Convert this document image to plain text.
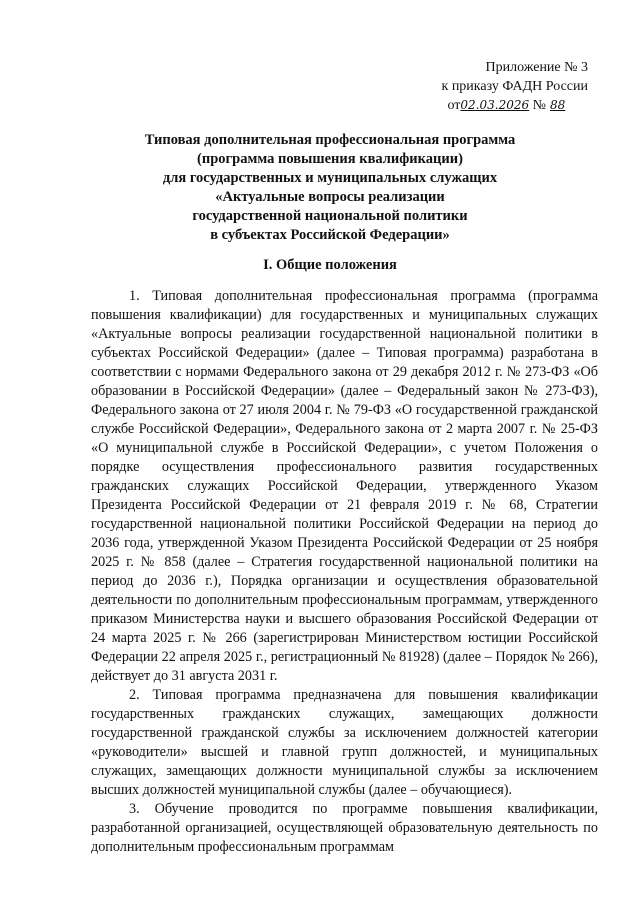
Приложение № 3
к приказу ФАДН России
от02.03.2026 № 88
Типовая дополнительная профессиональная программа
(программа повышения квалификации)
для государственных и муниципальных служащих
«Актуальные вопросы реализации
государственной национальной политики
в субъектах Российской Федерации»
I. Общие положения

1. Типовая дополнительная профессиональная программа (программа повышения квалификации) для государственных и муниципальных служащих «Актуальные вопросы реализации государственной национальной политики в субъектах Российской Федерации» (далее – Типовая программа) разработана в соответствии с нормами Федерального закона от 29 декабря 2012 г. № 273-ФЗ «Об образовании в Российской Федерации» (далее – Федеральный закон № 273-ФЗ), Федерального закона от 27 июля 2004 г. № 79-ФЗ «О государственной гражданской службе Российской Федерации», Федерального закона от 2 марта 2007 г. № 25-ФЗ «О муниципальной службе в Российской Федерации», с учетом Положения о порядке осуществления профессионального развития государственных гражданских служащих Российской Федерации, утвержденного Указом Президента Российской Федерации от 21 февраля 2019 г. № 68, Стратегии государственной национальной политики Российской Федерации на период до 2036 года, утвержденной Указом Президента Российской Федерации от 25 ноября 2025 г. № 858 (далее – Стратегия государственной национальной политики на период до 2036 г.), Порядка организации и осуществления образовательной деятельности по дополнительным профессиональным программам, утвержденного приказом Министерства науки и высшего образования Российской Федерации от 24 марта 2025 г. № 266 (зарегистрирован Министерством юстиции Российской Федерации 22 апреля 2025 г., регистрационный № 81928) (далее – Порядок № 266), действует до 31 августа 2031 г.

2. Типовая программа предназначена для повышения квалификации государственных гражданских служащих, замещающих должности государственной гражданской службы за исключением должностей категории «руководители» высшей и главной групп должностей, и муниципальных служащих, замещающих должности муниципальной службы за исключением высших должностей муниципальной службы (далее – обучающиеся).

3. Обучение проводится по программе повышения квалификации, разработанной организацией, осуществляющей образовательную деятельность по дополнительным профессиональным программам
